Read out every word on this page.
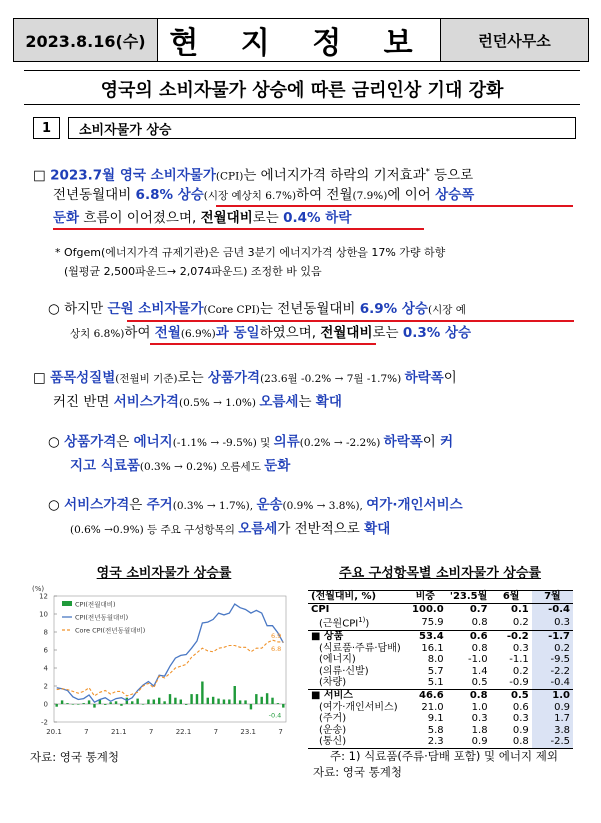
2023.8.16(수) 현 지 정 보	런던사무소
영국의 소비자물가 상승에 따른 금리인상 기대 강화
1	소비자물가 상승
□ 2023.7월 영국 소비자물가(CPI)는 에너지가격 하락의 기저효과* 등으로
전년동월대비 6.8% 상승(시장 예상치 6.7%)하여 전월(7.9%)에 이어 상승폭
둔화 흐름이 이어졌으며, 전월대비로는 0.4% 하락
* Ofgem(에너지가격 규제기관)은 금년 3분기 에너지가격 상한을 17% 가량 하향
(월평균 2,500파운드→ 2,074파운드) 조정한 바 있음
○ 하지만 근원 소비자물가(Core CPI)는 전년동월대비 6.9% 상승(시장 예
상치 6.8%)하여 전월(6.9%)과 동일하였으며, 전월대비로는 0.3% 상승
□ 품목성질별(전월비 기준)로는 상품가격(23.6월 -0.2% → 7월 -1.7%) 하락폭이
커진 반면 서비스가격(0.5% → 1.0%) 오름세는 확대
○ 상품가격은 에너지(-1.1% → -9.5%) 및 의류(0.2% → -2.2%) 하락폭이 커
지고 식료품(0.3% → 0.2%) 오름세도 둔화
○ 서비스가격은 주거(0.3% → 1.7%), 운송(0.9% → 3.8%), 여가·개인서비스
(0.6% →0.9%) 등 주요 구성항목의 오름세가 전반적으로 확대
영국 소비자물가 상승률
(%)
12
10
8
6
4
2
0
-2
20.1	7	21.1	7	22.1	7	23.1	7
6.9
6.8
-0.4
CPI(전월대비)
CPI(전년동월대비)
Core CPI(전년동월대비)
자료: 영국 통계청
주요 구성항목별 소비자물가 상승률
(전월대비, %)	비중	'23.5월	6월	7월
CPI	100.0	0.7	0.1	-0.4
(근원CPI$^{1)}$)	75.9	0.8	0.2	0.3
■ 상품	53.4	0.6	-0.2	-1.7
(식료품·주류·담배)	16.1	0.8	0.3	0.2
(에너지)	8.0	-1.0	-1.1	-9.5
(의류·신발)	5.7	1.4	0.2	-2.2
(차량)	5.1	0.5	-0.9	-0.4
■ 서비스	46.6	0.8	0.5	1.0
(여가·개인서비스)	21.0	1.0	0.6	0.9
(주거)	9.1	0.3	0.3	1.7
(운송)	5.8	1.8	0.9	3.8
(통신)	2.3	0.9	0.8	-2.5
주: 1) 식료품(주류·담배 포함) 및 에너지 제외
자료: 영국 통계청
